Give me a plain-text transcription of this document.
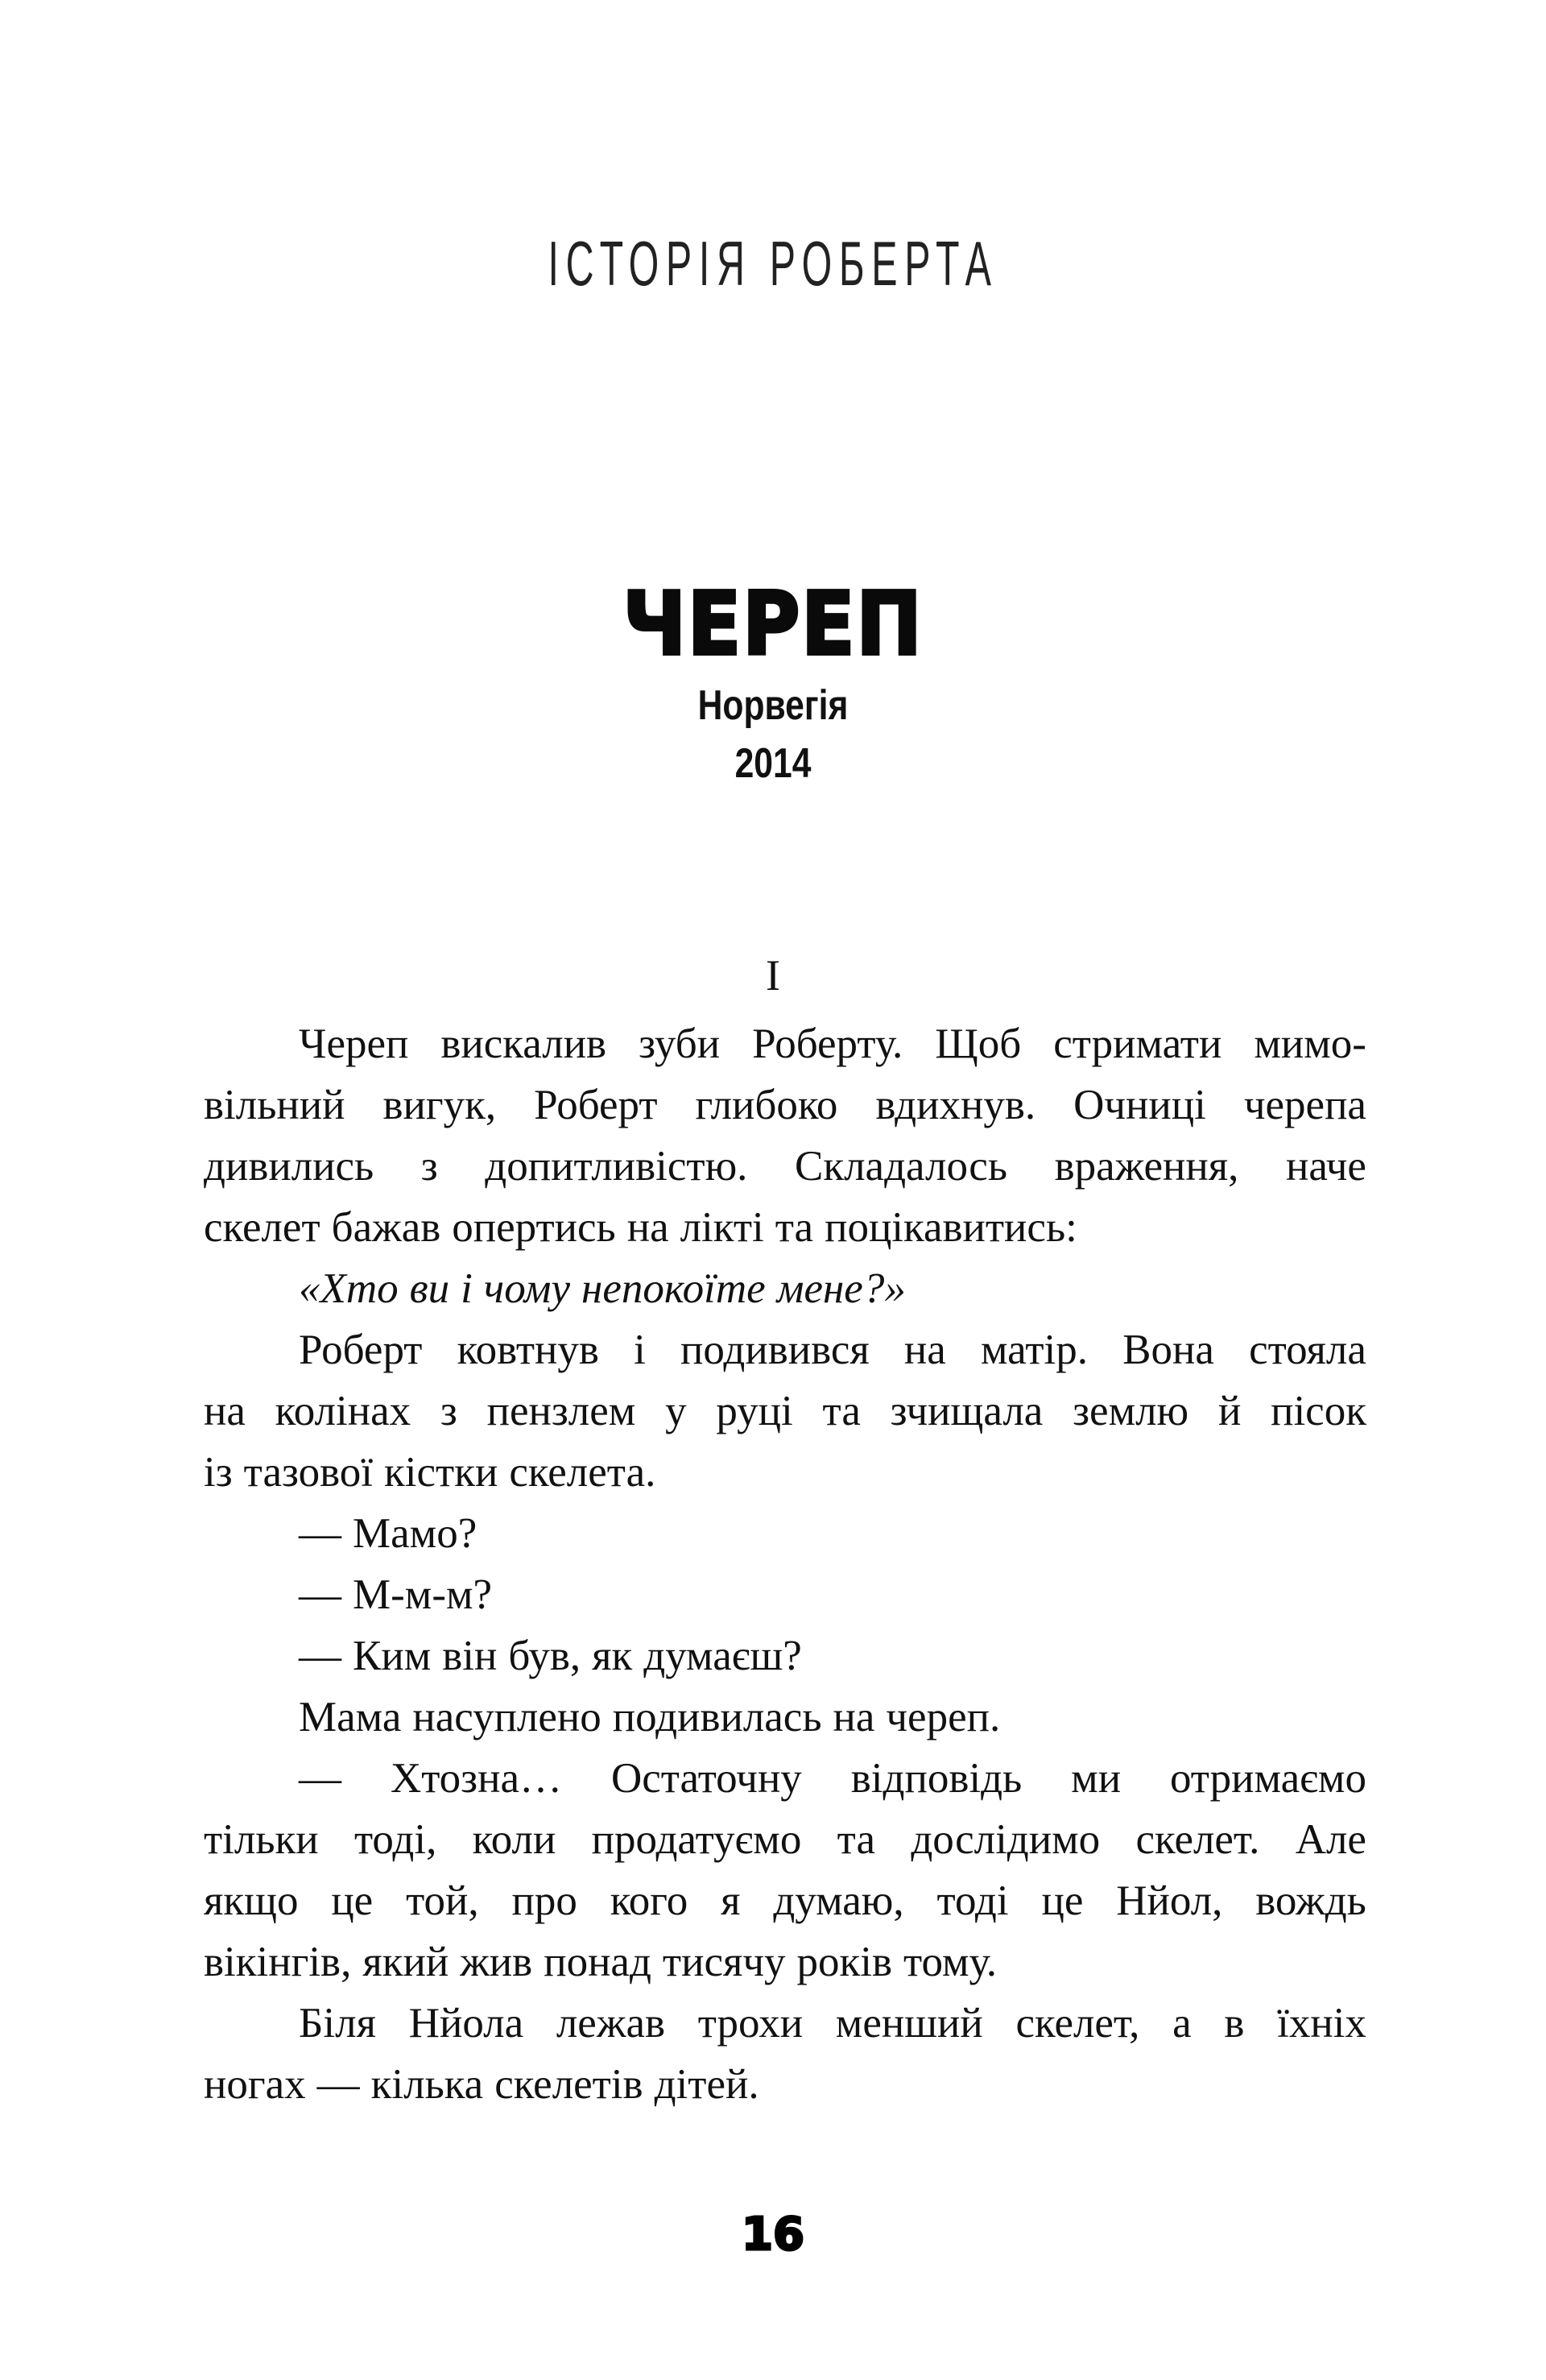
ІСТОРІЯ РОБЕРТА
ЧЕРЕП
Норвегія
2014
I
Череп вискалив зуби Роберту. Щоб стримати мимо-
вільний вигук, Роберт глибоко вдихнув. Очниці черепа
дивились з допитливістю. Складалось враження, наче
скелет бажав опертись на лікті та поцікавитись:
«Хто ви і чому непокоїте мене?»
Роберт ковтнув і подивився на матір. Вона стояла
на колінах з пензлем у руці та зчищала землю й пісок
із тазової кістки скелета.
— Мамо?
— М-м-м?
— Ким він був, як думаєш?
Мама насуплено подивилась на череп.
— Хтозна… Остаточну відповідь ми отримаємо
тільки тоді, коли продатуємо та дослідимо скелет. Але
якщо це той, про кого я думаю, тоді це Нйол, вождь
вікінгів, який жив понад тисячу років тому.
Біля Нйола лежав трохи менший скелет, а в їхніх
ногах — кілька скелетів дітей.
16
